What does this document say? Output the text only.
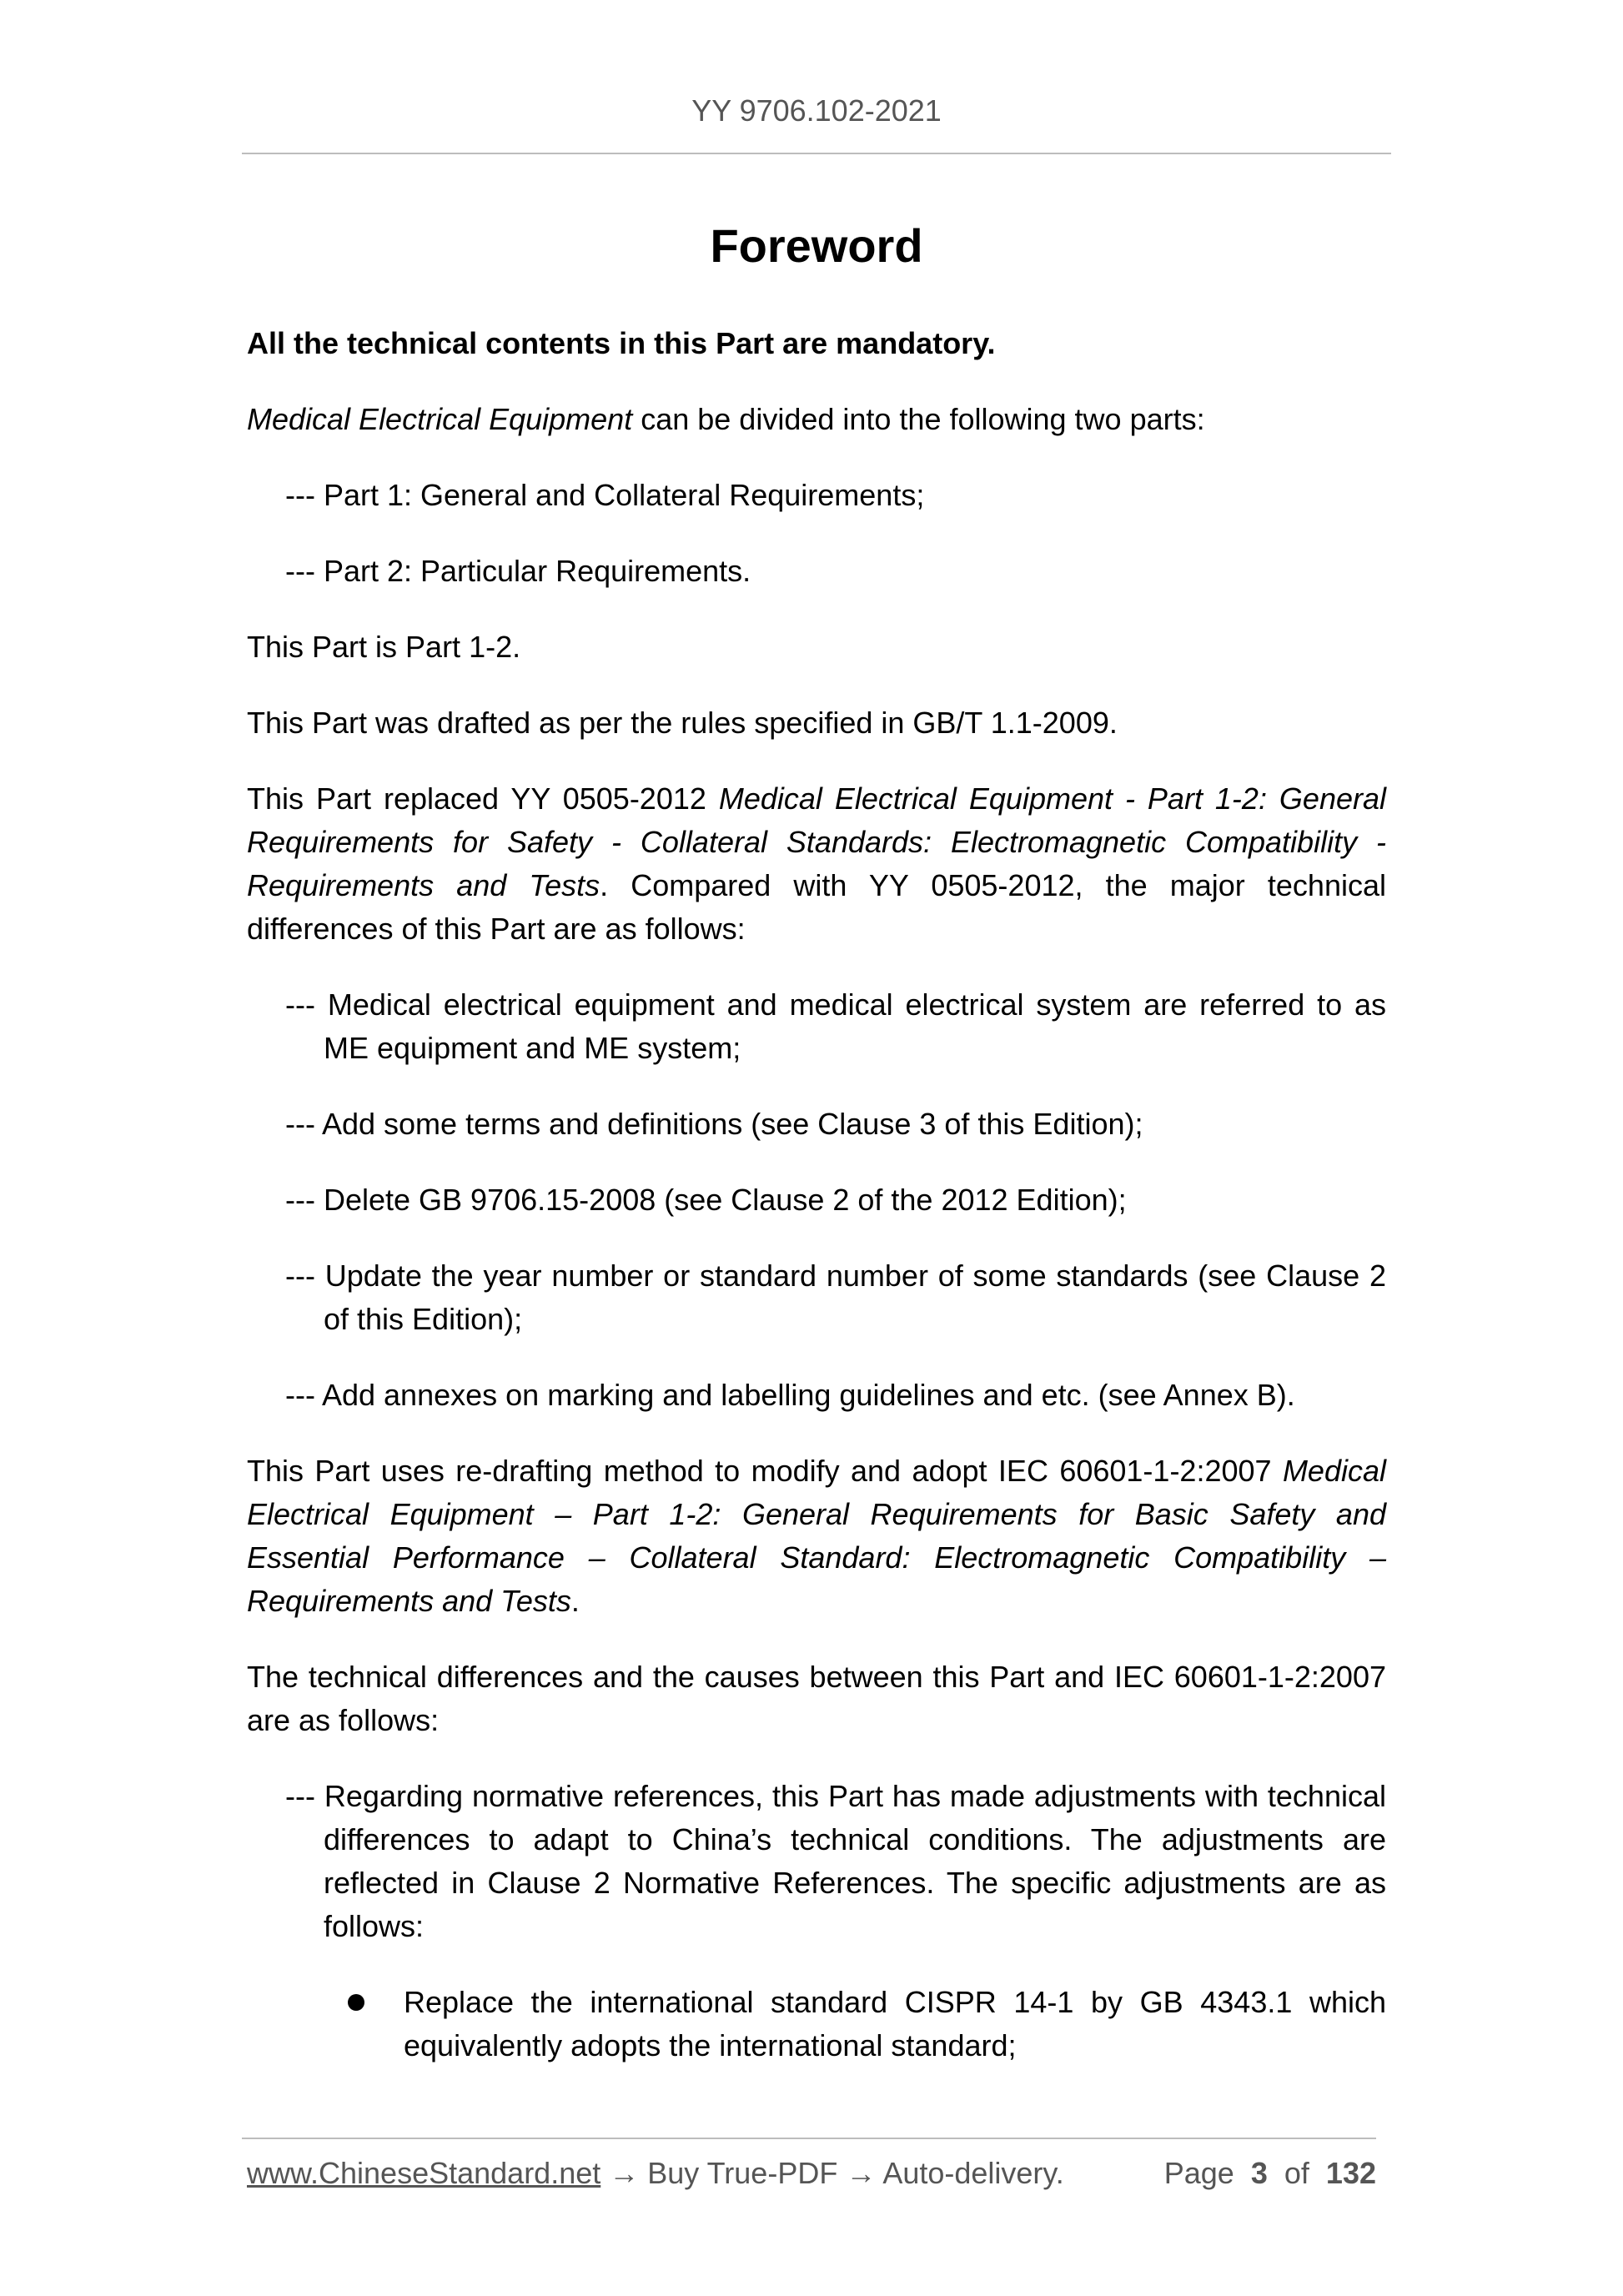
YY 9706.102-2021
Foreword

All the technical contents in this Part are mandatory.

Medical Electrical Equipment can be divided into the following two parts:

--- Part 1: General and Collateral Requirements;
--- Part 2: Particular Requirements.

This Part is Part 1-2.

This Part was drafted as per the rules specified in GB/T 1.1-2009.

This Part replaced YY 0505-2012 Medical Electrical Equipment - Part 1-2: General Requirements for Safety - Collateral Standards: Electromagnetic Compatibility - Requirements and Tests. Compared with YY 0505-2012, the major technical differences of this Part are as follows:

--- Medical electrical equipment and medical electrical system are referred to as ME equipment and ME system;
--- Add some terms and definitions (see Clause 3 of this Edition);
--- Delete GB 9706.15-2008 (see Clause 2 of the 2012 Edition);
--- Update the year number or standard number of some standards (see Clause 2 of this Edition);
--- Add annexes on marking and labelling guidelines and etc. (see Annex B).

This Part uses re-drafting method to modify and adopt IEC 60601-1-2:2007 Medical Electrical Equipment – Part 1-2: General Requirements for Basic Safety and Essential Performance – Collateral Standard: Electromagnetic Compatibility – Requirements and Tests.

The technical differences and the causes between this Part and IEC 60601-1-2:2007 are as follows:

--- Regarding normative references, this Part has made adjustments with technical differences to adapt to China’s technical conditions. The adjustments are reflected in Clause 2 Normative References. The specific adjustments are as follows:
Replace the international standard CISPR 14-1 by GB 4343.1 which equivalently adopts the international standard;
www.ChineseStandard.net → Buy True-PDF → Auto-delivery.	Page 3 of 132
